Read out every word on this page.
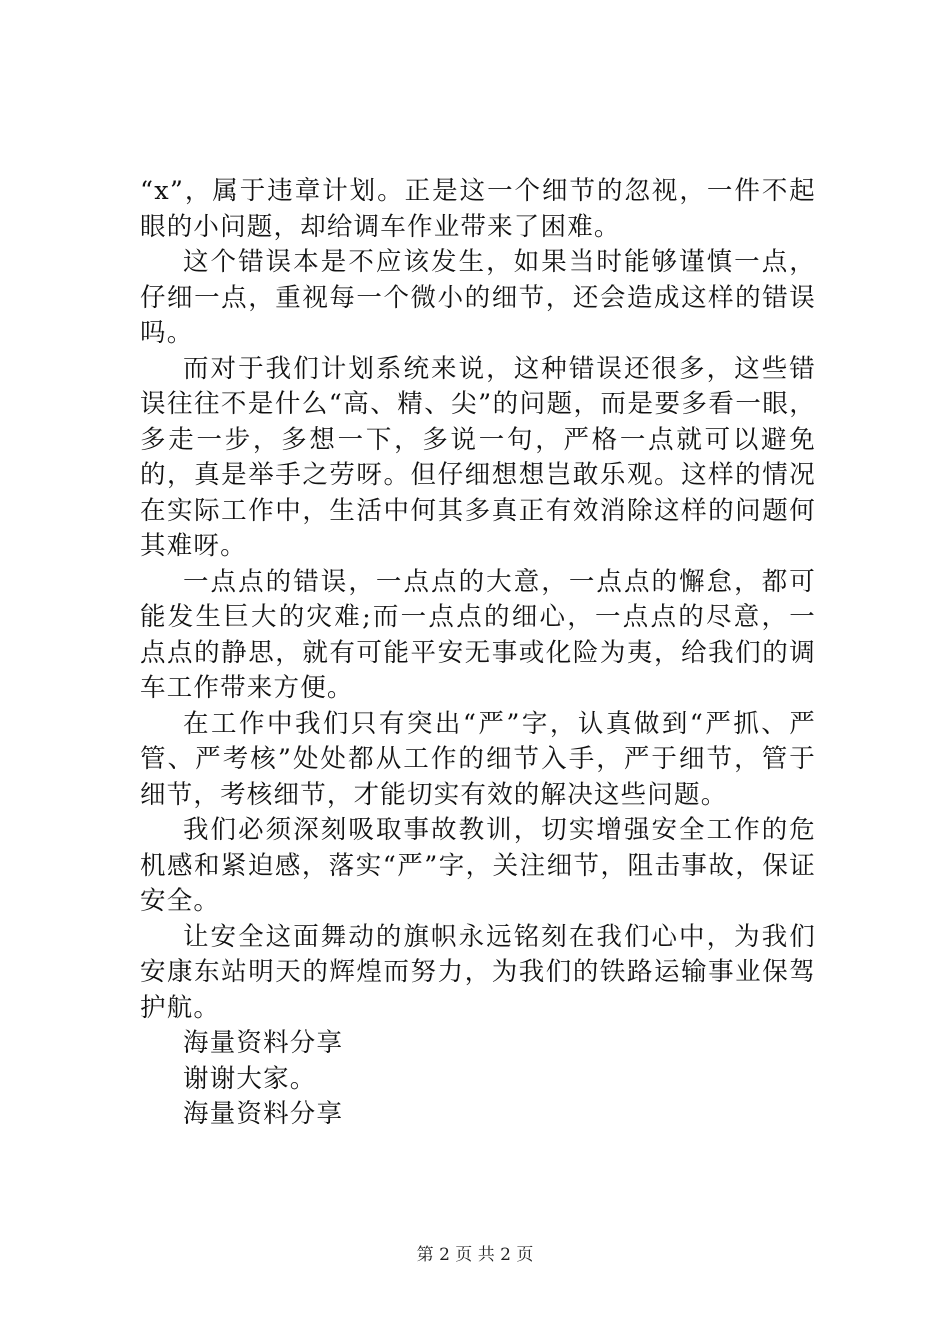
“x”，属于违章计划。正是这一个细节的忽视，一件不起眼的小问题，却给调车作业带来了困难。

这个错误本是不应该发生，如果当时能够谨慎一点，仔细一点，重视每一个微小的细节，还会造成这样的错误吗。

而对于我们计划系统来说，这种错误还很多，这些错误往往不是什么“高、精、尖”的问题，而是要多看一眼，多走一步，多想一下，多说一句，严格一点就可以避免的，真是举手之劳呀。但仔细想想岂敢乐观。这样的情况在实际工作中，生活中何其多真正有效消除这样的问题何其难呀。

一点点的错误，一点点的大意，一点点的懈怠，都可能发生巨大的灾难;而一点点的细心，一点点的尽意，一点点的静思，就有可能平安无事或化险为夷，给我们的调车工作带来方便。

在工作中我们只有突出“严”字，认真做到“严抓、严管、严考核”处处都从工作的细节入手，严于细节，管于细节，考核细节，才能切实有效的解决这些问题。

我们必须深刻吸取事故教训，切实增强安全工作的危机感和紧迫感，落实“严”字，关注细节，阻击事故，保证安全。

让安全这面舞动的旗帜永远铭刻在我们心中，为我们安康东站明天的辉煌而努力，为我们的铁路运输事业保驾护航。

海量资料分享

谢谢大家。

海量资料分享

第 2 页 共 2 页
